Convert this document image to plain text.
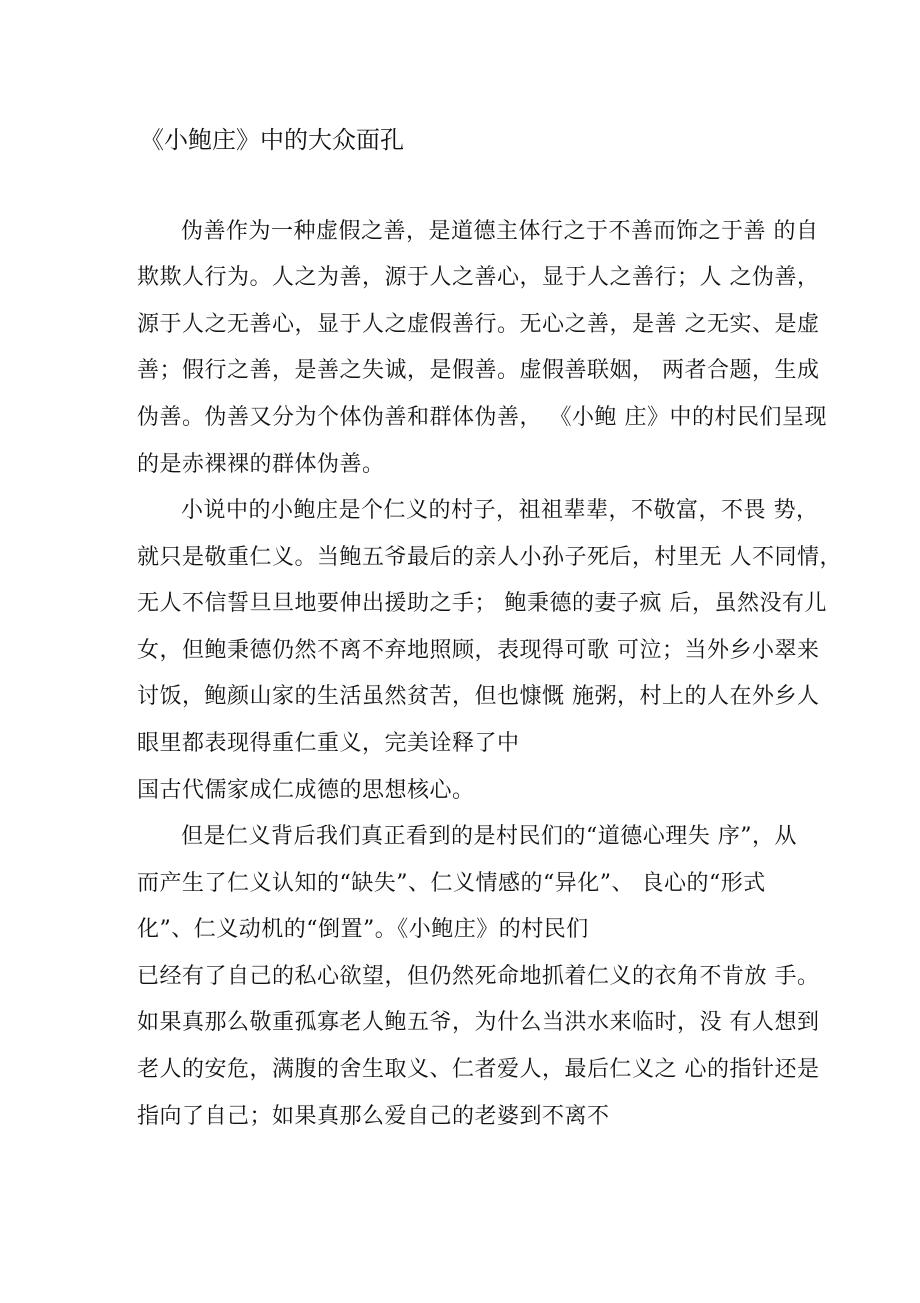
《小鲍庄》中的大众面孔
伪善作为一种虚假之善，是道德主体行之于不善而饰之于善 的自
欺欺人行为。人之为善，源于人之善心，显于人之善行；人 之伪善，
源于人之无善心，显于人之虚假善行。无心之善，是善 之无实、是虚
善；假行之善，是善之失诚，是假善。虚假善联姻， 两者合题，生成
伪善。伪善又分为个体伪善和群体伪善， 《小鲍 庄》中的村民们呈现
的是赤裸裸的群体伪善。
小说中的小鲍庄是个仁义的村子，祖祖辈辈，不敬富，不畏 势，
就只是敬重仁义。当鲍五爷最后的亲人小孙子死后，村里无 人不同情，
无人不信誓旦旦地要伸出援助之手； 鲍秉德的妻子疯 后，虽然没有儿
女，但鲍秉德仍然不离不弃地照顾，表现得可歌 可泣；当外乡小翠来
讨饭，鲍颜山家的生活虽然贫苦，但也慷慨 施粥，村上的人在外乡人
眼里都表现得重仁重义，完美诠释了中
国古代儒家成仁成德的思想核心。
但是仁义背后我们真正看到的是村民们的“道德心理失 序”，从
而产生了仁义认知的“缺失”、仁义情感的“异化”、 良心的“形式
化”、仁义动机的“倒置”。《小鲍庄》的村民们
已经有了自己的私心欲望，但仍然死命地抓着仁义的衣角不肯放 手。
如果真那么敬重孤寡老人鲍五爷，为什么当洪水来临时，没 有人想到
老人的安危，满腹的舍生取义、仁者爱人，最后仁义之 心的指针还是
指向了自己；如果真那么爱自己的老婆到不离不
